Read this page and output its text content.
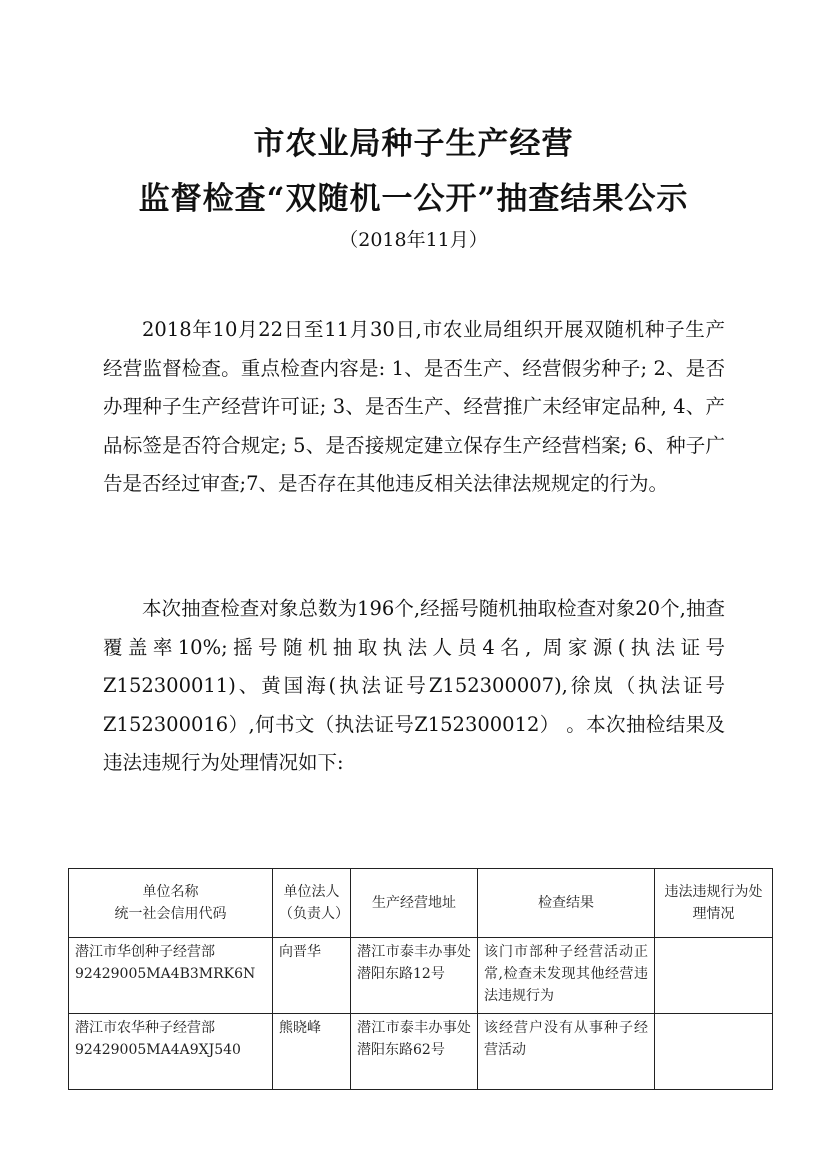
市农业局种子生产经营
监督检查“双随机一公开”抽查结果公示
（2018年11月）

2018年10月22日至11月30日,市农业局组织开展双随机种子生产经营监督检查。重点检查内容是: 1、是否生产、经营假劣种子; 2、是否办理种子生产经营许可证; 3、是否生产、经营推广未经审定品种, 4、产品标签是否符合规定; 5、是否接规定建立保存生产经营档案; 6、种子广告是否经过审查;7、是否存在其他违反相关法律法规规定的行为。

本次抽查检查对象总数为196个,经摇号随机抽取检查对象20个,抽查覆盖率10%;摇号随机抽取执法人员4名, 周家源(执法证号 Z152300011)、黄国海(执法证号Z152300007),徐岚（执法证号Z152300016）,何书文（执法证号Z152300012） 。本次抽检结果及违法违规行为处理情况如下:

单位名称
统一社会信用代码	单位法人（负责人）	生产经营地址	检查结果	违法违规行为处理情况

潜江市华创种子经营部
92429005MA4B3MRK6N	向晋华	潜江市泰丰办事处潜阳东路12号	该门市部种子经营活动正常,检查未发现其他经营违法违规行为	

潜江市农华种子经营部
92429005MA4A9XJ540	熊晓峰	潜江市泰丰办事处潜阳东路62号	该经营户没有从事种子经营活动	
